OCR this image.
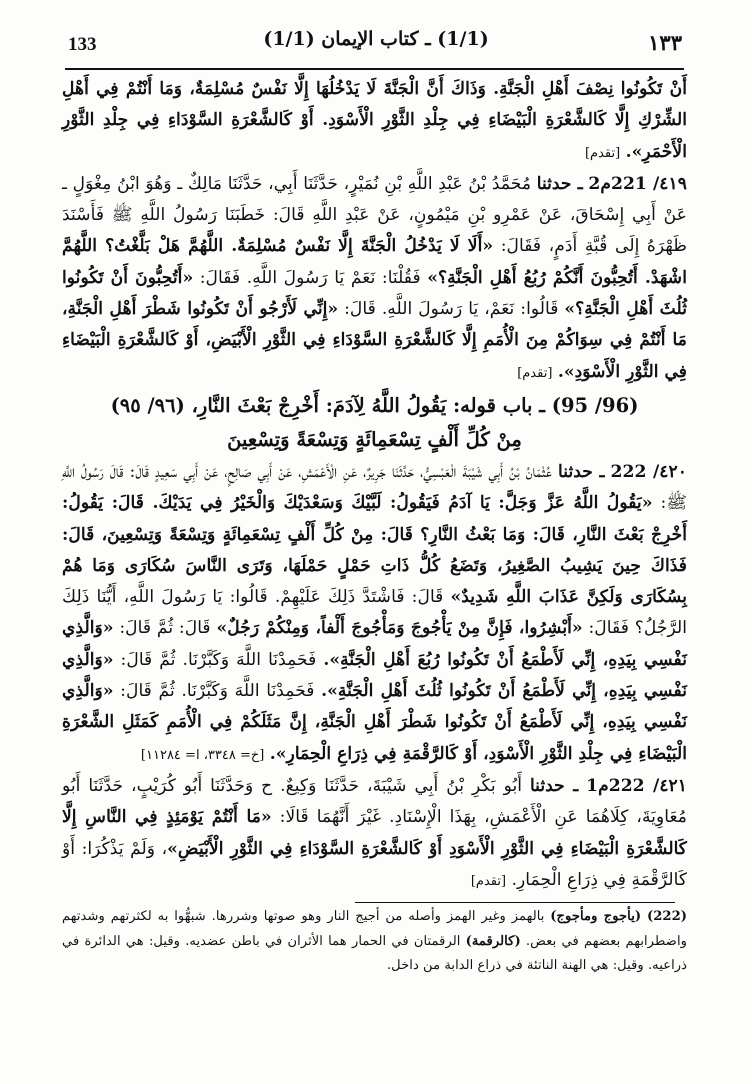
133	(1/1) ـ كتاب الإيمان (1/1)	١٣٣

أَنْ تَكُونُوا نِصْفَ أَهْلِ الْجَنَّةِ. وَذَاكَ أَنَّ الْجَنَّةَ لَا يَدْخُلُهَا إِلَّا نَفْسٌ مُسْلِمَةٌ، وَمَا أَنْتُمْ فِي أَهْلِ الشِّرْكِ إِلَّا كَالشَّعْرَةِ الْبَيْضَاءِ فِي جِلْدِ الثَّوْرِ الْأَسْوَدِ. أَوْ كَالشَّعْرَةِ السَّوْدَاءِ فِي جِلْدِ الثَّوْرِ الْأَحْمَرِ». [تقدم]

٤١٩/ 221م2 ـ حدثنا مُحَمَّدُ بْنُ عَبْدِ اللَّهِ بْنِ نُمَيْرٍ، حَدَّثَنَا أَبِي، حَدَّثَنَا مَالِكٌ ـ وَهُوَ ابْنُ مِغْوَلٍ ـ عَنْ أَبِي إِسْحَاقَ، عَنْ عَمْرِو بْنِ مَيْمُونٍ، عَنْ عَبْدِ اللَّهِ قَالَ: خَطَبَنَا رَسُولُ اللَّهِ ﷺ فَأَسْنَدَ ظَهْرَهُ إِلَى قُبَّةِ أَدَمٍ، فَقَالَ: «أَلَا لَا يَدْخُلُ الْجَنَّةَ إِلَّا نَفْسٌ مُسْلِمَةٌ. اللَّهُمَّ هَلْ بَلَّغْتُ؟ اللَّهُمَّ اشْهَدْ. أَتُحِبُّونَ أَنَّكُمْ رُبُعُ أَهْلِ الْجَنَّةِ؟» فَقُلْنَا: نَعَمْ يَا رَسُولَ اللَّهِ. فَقَالَ: «أَتُحِبُّونَ أَنْ تَكُونُوا ثُلُثَ أَهْلِ الْجَنَّةِ؟» قَالُوا: نَعَمْ، يَا رَسُولَ اللَّهِ. قَالَ: «إِنِّي لَأَرْجُو أَنْ تَكُونُوا شَطْرَ أَهْلِ الْجَنَّةِ، مَا أَنْتُمْ فِي سِوَاكُمْ مِنَ الْأُمَمِ إِلَّا كَالشَّعْرَةِ السَّوْدَاءِ فِي الثَّوْرِ الْأَبْيَضِ، أَوْ كَالشَّعْرَةِ الْبَيْضَاءِ فِي الثَّوْرِ الْأَسْوَدِ». [تقدم]

(96/ 95) ـ باب قوله: يَقُولُ اللَّهُ لِآدَمَ: أَخْرِجْ بَعْثَ النَّارِ، (٩٦/ ٩٥)
مِنْ كُلِّ أَلْفٍ تِسْعَمِائَةٍ وَتِسْعَةً وَتِسْعِينَ

٤٢٠/ 222 ـ حدثنا عُثْمَانُ بْنُ أَبِي شَيْبَةَ الْعَبْسِيُّ، حَدَّثَنَا جَرِيرٌ، عَنِ الْأَعْمَشِ، عَنْ أَبِي صَالِحٍ، عَنْ أَبِي سَعِيدٍ قَالَ: قَالَ رَسُولُ اللَّهِ ﷺ: «يَقُولُ اللَّهُ عَزَّ وَجَلَّ: يَا آدَمُ فَيَقُولُ: لَبَّيْكَ وَسَعْدَيْكَ وَالْخَيْرُ فِي يَدَيْكَ. قَالَ: يَقُولُ: أَخْرِجْ بَعْثَ النَّارِ، قَالَ: وَمَا بَعْثُ النَّارِ؟ قَالَ: مِنْ كُلِّ أَلْفٍ تِسْعَمِائَةٍ وَتِسْعَةً وَتِسْعِينَ، قَالَ: فَذَاكَ حِينَ يَشِيبُ الصَّغِيرُ، وَتَضَعُ كُلُّ ذَاتِ حَمْلٍ حَمْلَهَا، وَتَرَى النَّاسَ سُكَارَى وَمَا هُمْ بِسُكَارَى وَلَكِنَّ عَذَابَ اللَّهِ شَدِيدٌ» قَالَ: فَاشْتَدَّ ذَلِكَ عَلَيْهِمْ. قَالُوا: يَا رَسُولَ اللَّهِ، أَيُّنَا ذَلِكَ الرَّجُلُ؟ فَقَالَ: «أَبْشِرُوا، فَإِنَّ مِنْ يَأْجُوجَ وَمَأْجُوجَ أَلْفاً، وَمِنْكُمْ رَجُلٌ» قَالَ: ثُمَّ قَالَ: «وَالَّذِي نَفْسِي بِيَدِهِ، إِنِّي لَأَطْمَعُ أَنْ تَكُونُوا رُبُعَ أَهْلِ الْجَنَّةِ». فَحَمِدْنَا اللَّهَ وَكَبَّرْنَا. ثُمَّ قَالَ: «وَالَّذِي نَفْسِي بِيَدِهِ، إِنِّي لَأَطْمَعُ أَنْ تَكُونُوا ثُلُثَ أَهْلِ الْجَنَّةِ». فَحَمِدْنَا اللَّهَ وَكَبَّرْنَا. ثُمَّ قَالَ: «وَالَّذِي نَفْسِي بِيَدِهِ، إِنِّي لَأَطْمَعُ أَنْ تَكُونُوا شَطْرَ أَهْلِ الْجَنَّةِ، إِنَّ مَثَلَكُمْ فِي الْأُمَمِ كَمَثَلِ الشَّعْرَةِ الْبَيْضَاءِ فِي جِلْدِ الثَّوْرِ الْأَسْوَدِ، أَوْ كَالرَّقْمَةِ فِي ذِرَاعِ الْحِمَارِ». [خ= ٣٣٤٨، ا= ١١٢٨٤]

٤٢١/ 222م1 ـ حدثنا أَبُو بَكْرِ بْنُ أَبِي شَيْبَةَ، حَدَّثَنَا وَكِيعٌ. ح وَحَدَّثَنَا أَبُو كُرَيْبٍ، حَدَّثَنَا أَبُو مُعَاوِيَةَ، كِلَاهُمَا عَنِ الْأَعْمَشِ، بِهَذَا الْإِسْنَادِ. غَيْرَ أَنَّهُمَا قَالَا: «مَا أَنْتُمْ يَوْمَئِذٍ فِي النَّاسِ إِلَّا كَالشَّعْرَةِ الْبَيْضَاءِ فِي الثَّوْرِ الْأَسْوَدِ أَوْ كَالشَّعْرَةِ السَّوْدَاءِ فِي الثَّوْرِ الْأَبْيَضِ»، وَلَمْ يَذْكُرَا: أَوْ كَالرَّقْمَةِ فِي ذِرَاعِ الْحِمَارِ. [تقدم]

(222) (يأجوج ومأجوج) بالهمز وغير الهمز وأصله من أجيج النار وهو صوتها وشررها. شبهُّوا به لكثرتهم وشدتهم واضطرابهم بعضهم في بعض. (كالرقمة) الرقمتان في الحمار هما الأثران في باطن عضديه. وقيل: هي الدائرة في ذراعيه. وقيل: هي الهنة الناتئة في ذراع الدابة من داخل.
